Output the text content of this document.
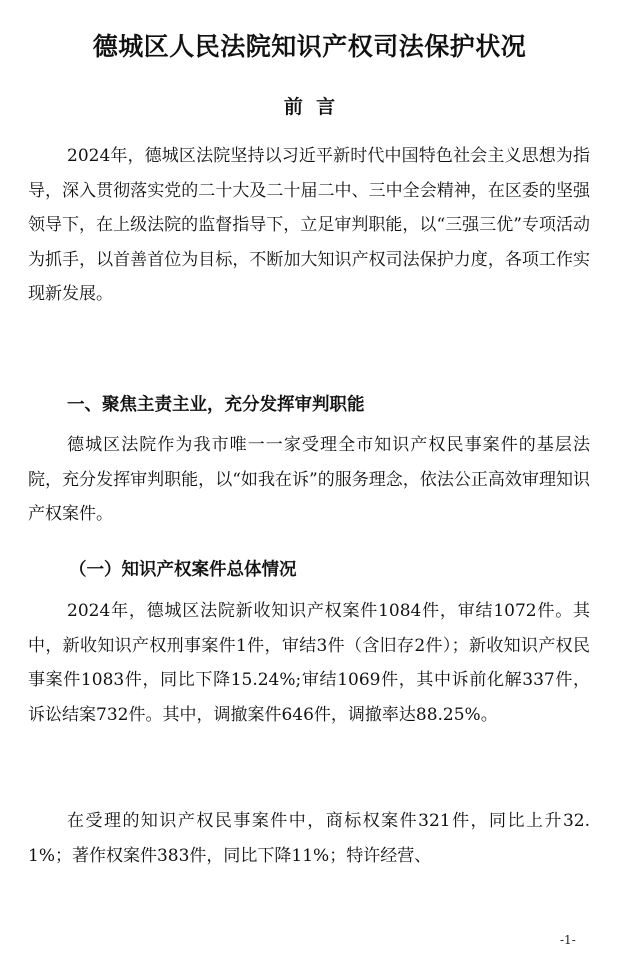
德城区人民法院知识产权司法保护状况
前  言

2024年，德城区法院坚持以习近平新时代中国特色社会主义思想为指导，深入贯彻落实党的二十大及二十届二中、三中全会精神，在区委的坚强领导下，在上级法院的监督指导下，立足审判职能，以“三强三优”专项活动为抓手，以首善首位为目标，不断加大知识产权司法保护力度，各项工作实现新发展。

一、聚焦主责主业，充分发挥审判职能

德城区法院作为我市唯一一家受理全市知识产权民事案件的基层法院，充分发挥审判职能，以“如我在诉”的服务理念，依法公正高效审理知识产权案件。

（一）知识产权案件总体情况

2024年，德城区法院新收知识产权案件1084件，审结1072件。其中，新收知识产权刑事案件1件，审结3件（含旧存2件）；新收知识产权民事案件1083件，同比下降15.24%;审结1069件，其中诉前化解337件，诉讼结案732件。其中，调撤案件646件，调撤率达88.25%。

在受理的知识产权民事案件中，商标权案件321件，同比上升32.1%；著作权案件383件，同比下降11%；特许经营、

-1-
